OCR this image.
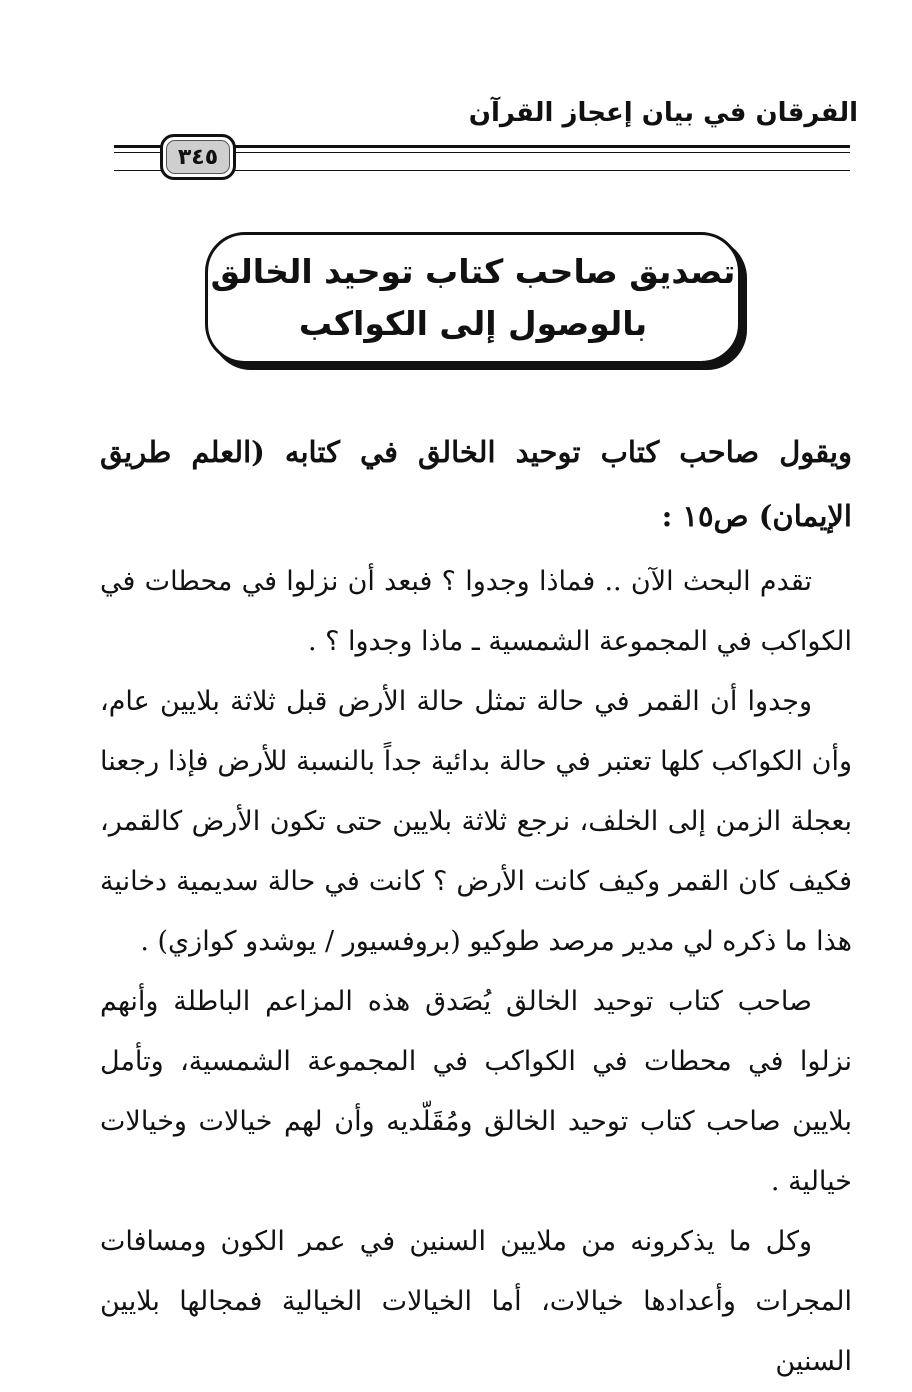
الفرقان في بيان إعجاز القرآن
٣٤٥
تصديق صاحب كتاب توحيد الخالق
بالوصول إلى الكواكب

ويقول صاحب كتاب توحيد الخالق في كتابه (العلم طريق الإيمان) ص١٥ :

تقدم البحث الآن .. فماذا وجدوا ؟ فبعد أن نزلوا في محطات في الكواكب في المجموعة الشمسية ـ ماذا وجدوا ؟ .

وجدوا أن القمر في حالة تمثل حالة الأرض قبل ثلاثة بلايين عام، وأن الكواكب كلها تعتبر في حالة بدائية جداً بالنسبة للأرض فإذا رجعنا بعجلة الزمن إلى الخلف، نرجع ثلاثة بلايين حتى تكون الأرض كالقمر، فكيف كان القمر وكيف كانت الأرض ؟ كانت في حالة سديمية دخانية هذا ما ذكره لي مدير مرصد طوكيو (بروفسيور / يوشدو كوازي) .

صاحب كتاب توحيد الخالق يُصَدق هذه المزاعم الباطلة وأنهم نزلوا في محطات في الكواكب في المجموعة الشمسية، وتأمل بلايين صاحب كتاب توحيد الخالق ومُقَلّديه وأن لهم خيالات وخيالات خيالية .

وكل ما يذكرونه من ملايين السنين في عمر الكون ومسافات المجرات وأعدادها خيالات، أما الخيالات الخيالية فمجالها بلايين السنين
